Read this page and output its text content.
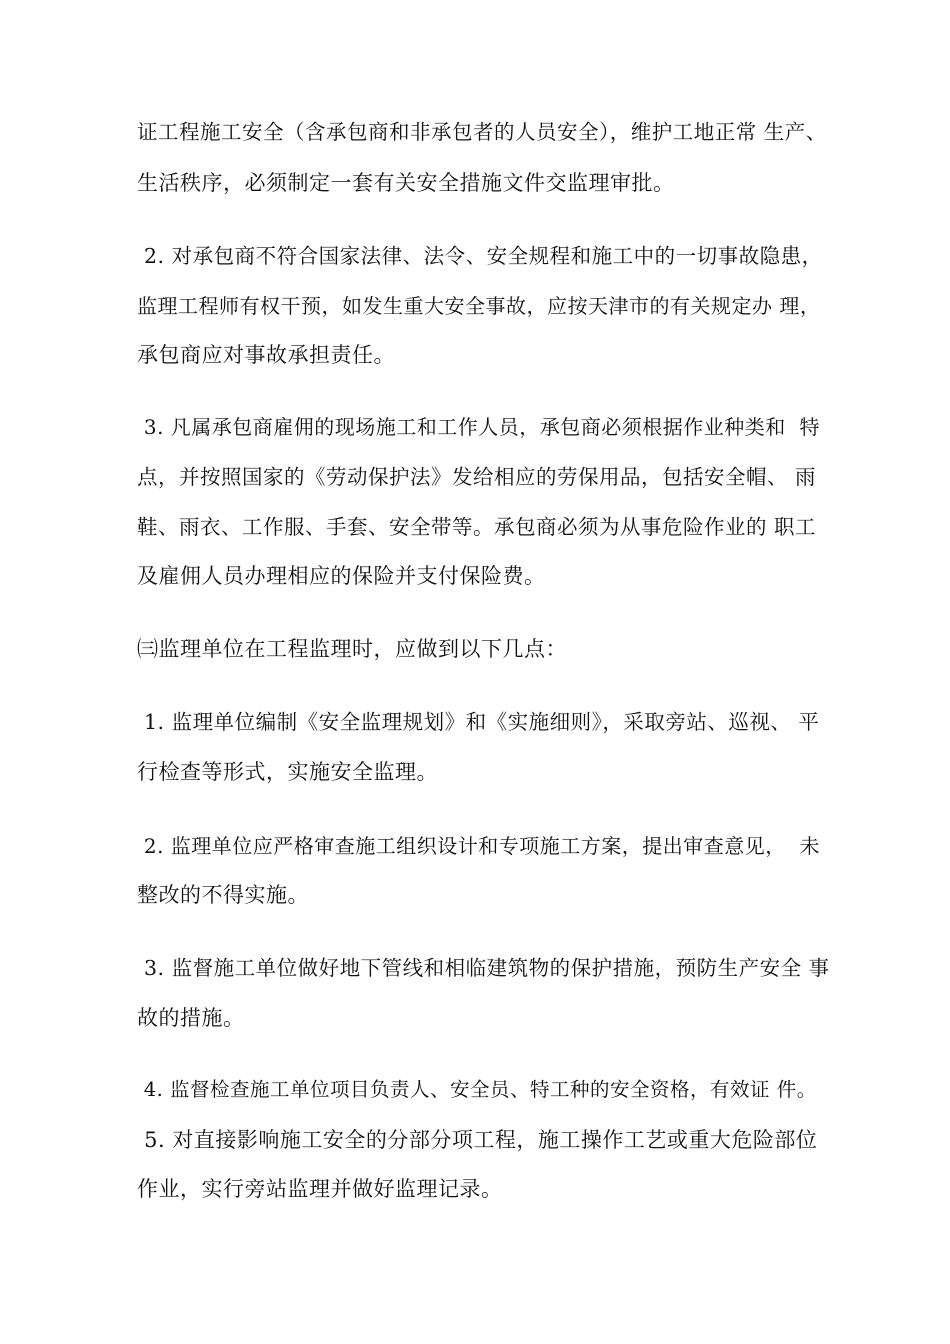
证工程施工安全（含承包商和非承包者的人员安全），维护工地正常 生产、
生活秩序，必须制定一套有关安全措施文件交监理审批。
2. 对承包商不符合国家法律、法令、安全规程和施工中的一切事故隐患，
监理工程师有权干预，如发生重大安全事故，应按天津市的有关规定办 理，
承包商应对事故承担责任。
3. 凡属承包商雇佣的现场施工和工作人员，承包商必须根据作业种类和  特
点，并按照国家的《劳动保护法》发给相应的劳保用品，包括安全帽、 雨
鞋、雨衣、工作服、手套、安全带等。承包商必须为从事危险作业的 职工
及雇佣人员办理相应的保险并支付保险费。
㈢监理单位在工程监理时，应做到以下几点：
1. 监理单位编制《安全监理规划》和《实施细则》，采取旁站、巡视、 平
行检查等形式，实施安全监理。
2. 监理单位应严格审查施工组织设计和专项施工方案，提出审查意见，  未
整改的不得实施。
3. 监督施工单位做好地下管线和相临建筑物的保护措施，预防生产安全 事
故的措施。
4. 监督检查施工单位项目负责人、安全员、特工种的安全资格，有效证 件。
5. 对直接影响施工安全的分部分项工程，施工操作工艺或重大危险部位
作业，实行旁站监理并做好监理记录。
